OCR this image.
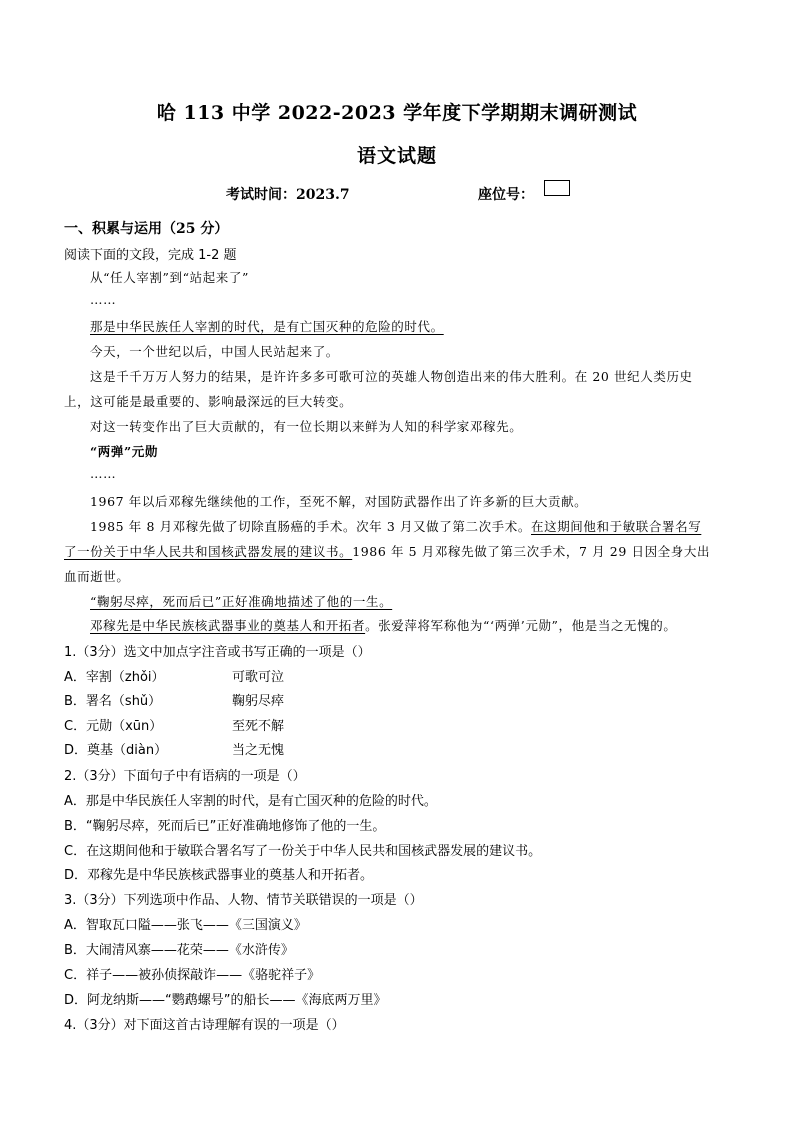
哈 113 中学 2022-2023 学年度下学期期末调研测试
语文试题
考试时间：2023.7	座位号：
一、积累与运用（25 分）
阅读下面的文段，完成 1-2 题
从“任人宰割”到“站起来了”
……
那是中华民族任人宰割的时代，是有亡国灭种的危险的时代。
今天，一个世纪以后，中国人民站起来了。
这是千千万万人努力的结果，是许许多多可歌可泣的英雄人物创造出来的伟大胜利。在 20 世纪人类历史
上，这可能是最重要的、影响最深远的巨大转变。
对这一转变作出了巨大贡献的，有一位长期以来鲜为人知的科学家邓稼先。
“两弹”元勋
……
1967 年以后邓稼先继续他的工作，至死不解，对国防武器作出了许多新的巨大贡献。
1985 年 8 月邓稼先做了切除直肠癌的手术。次年 3 月又做了第二次手术。在这期间他和于敏联合署名写
了一份关于中华人民共和国核武器发展的建议书。1986 年 5 月邓稼先做了第三次手术，7 月 29 日因全身大出
血而逝世。
“鞠躬尽瘁，死而后已”正好准确地描述了他的一生。
邓稼先是中华民族核武器事业的奠基人和开拓者。张爱萍将军称他为“‘两弹’元勋”，他是当之无愧的。
1.（3分）选文中加点字注音或书写正确的一项是（）
A．宰割（zhǒi）	可歌可泣
B．署名（shǔ）	鞠躬尽瘁
C．元勋（xūn）	至死不解
D．奠基（diàn）	当之无愧
2.（3分）下面句子中有语病的一项是（）
A．那是中华民族任人宰割的时代，是有亡国灭种的危险的时代。
B．“鞠躬尽瘁，死而后已”正好准确地修饰了他的一生。
C．在这期间他和于敏联合署名写了一份关于中华人民共和国核武器发展的建议书。
D．邓稼先是中华民族核武器事业的奠基人和开拓者。
3.（3分）下列选项中作品、人物、情节关联错误的一项是（）
A．智取瓦口隘——张飞——《三国演义》
B．大闹清风寨——花荣——《水浒传》
C．祥子——被孙侦探敲诈——《骆驼祥子》
D．阿龙纳斯——“鹦鹉螺号”的船长——《海底两万里》
4.（3分）对下面这首古诗理解有误的一项是（）
